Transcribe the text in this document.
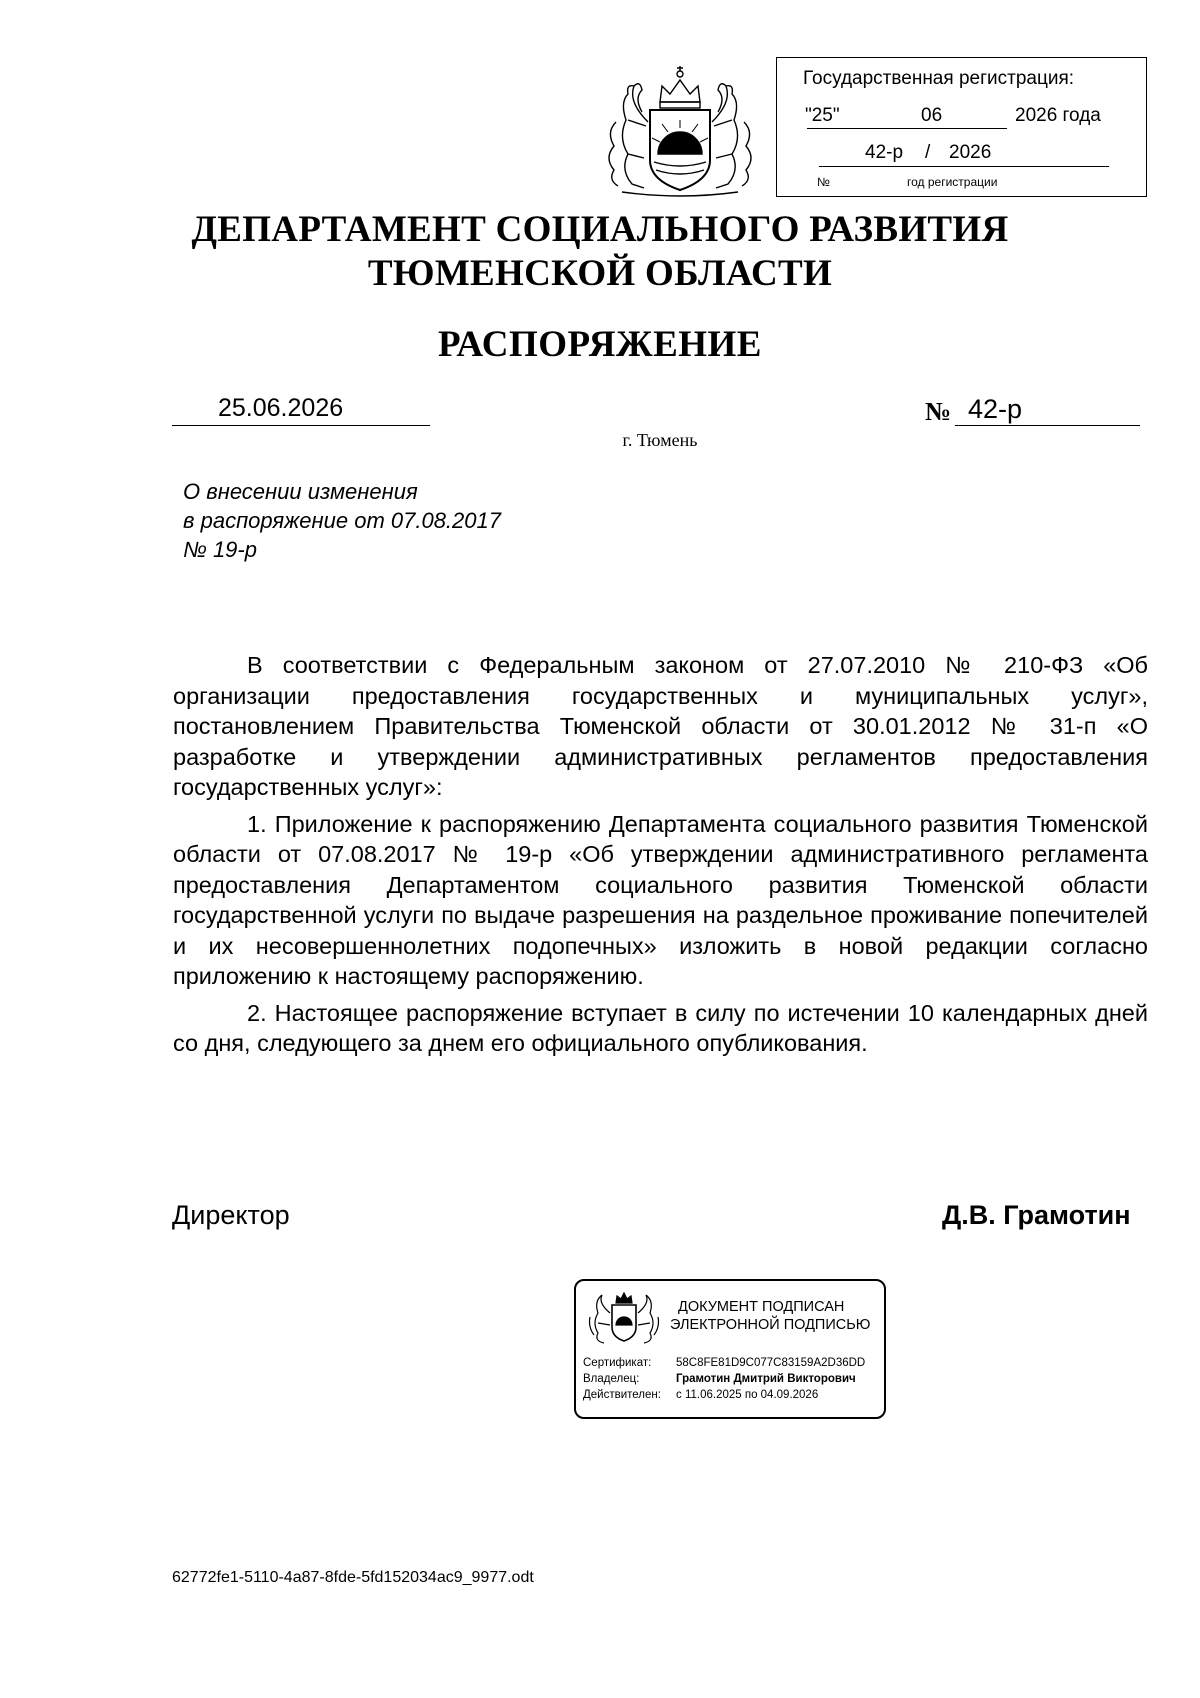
Государственная регистрация:
"25"	06	2026 года
42-р / 2026
№	год регистрации
ДЕПАРТАМЕНТ СОЦИАЛЬНОГО РАЗВИТИЯ
ТЮМЕНСКОЙ ОБЛАСТИ
РАСПОРЯЖЕНИЕ
25.06.2026	№ 42-р
г. Тюмень
О внесении изменения
в распоряжение от 07.08.2017
№ 19-р

В соответствии с Федеральным законом от 27.07.2010 № 210-ФЗ «Об организации предоставления государственных и муниципальных услуг», постановлением Правительства Тюменской области от 30.01.2012 № 31-п «О разработке и утверждении административных регламентов предоставления государственных услуг»:

1. Приложение к распоряжению Департамента социального развития Тюменской области от 07.08.2017 № 19-р «Об утверждении административного регламента предоставления Департаментом социального развития Тюменской области государственной услуги по выдаче разрешения на раздельное проживание попечителей и их несовершеннолетних подопечных» изложить в новой редакции согласно приложению к настоящему распоряжению.

2. Настоящее распоряжение вступает в силу по истечении 10 календарных дней со дня, следующего за днем его официального опубликования.

Директор	Д.В. Грамотин
ДОКУМЕНТ ПОДПИСАН
ЭЛЕКТРОННОЙ ПОДПИСЬЮ
Сертификат: 58C8FE81D9C077C83159A2D36DD
Владелец:	Грамотин Дмитрий Викторович
Действителен: с 11.06.2025 по 04.09.2026
62772fe1-5110-4a87-8fde-5fd152034ac9_9977.odt
